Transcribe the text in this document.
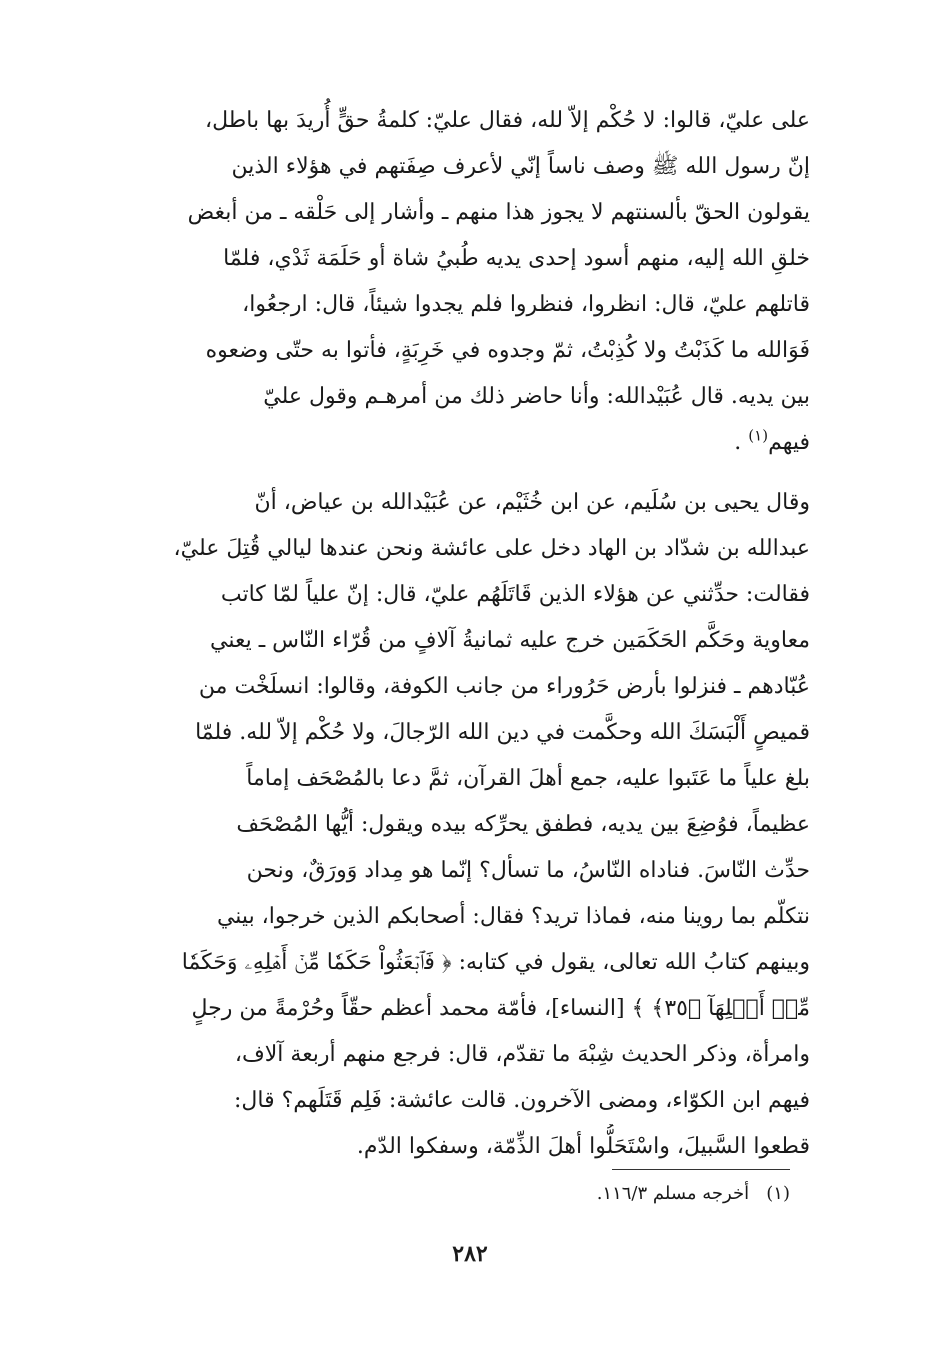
على عليّ، قالوا: لا حُكْم إلاّ لله، فقال عليّ: كلمةُ حقٍّ أُريدَ بها باطل،
إنّ رسول الله ﷺ وصف ناساً إنّي لأعرف صِفَتهم في هؤلاء الذين
يقولون الحقّ بألسنتهم لا يجوز هذا منهم ـ وأشار إلى حَلْقه ـ من أبغض
خلقِ الله إليه، منهم أسود إحدى يديه طُبيُ شاة أو حَلَمَة ثَدْي، فلمّا
قاتلهم عليّ، قال: انظروا، فنظروا فلم يجدوا شيئاً، قال: ارجعُوا،
فَوَالله ما كَذَبْتُ ولا كُذِبْتُ، ثمّ وجدوه في خَرِبَةٍ، فأتوا به حتّى وضعوه
بين يديه. قال عُبَيْدالله: وأنا حاضر ذلك من أمرهـم وقول عليّ
فيهم$^{(١)}$ .
وقال يحيى بن سُلَيم، عن ابن خُثَيْم، عن عُبَيْدالله بن عياض، أنّ
عبدالله بن شدّاد بن الهاد دخل على عائشة ونحن عندها ليالي قُتِلَ عليّ،
فقالت: حدِّثني عن هؤلاء الذين قَاتَلَهُم عليّ، قال: إنّ علياً لمّا كاتب
معاوية وحَكَّم الحَكَمَين خرج عليه ثمانيةُ آلافٍ من قُرّاء النّاس ـ يعني
عُبّادهم ـ فنزلوا بأرض حَرُوراء من جانب الكوفة، وقالوا: انسلَخْت من
قميصٍ أَلْبَسَكَ الله وحكَّمت في دين الله الرّجالَ، ولا حُكْم إلاّ لله. فلمّا
بلغ علياً ما عَتَبوا عليه، جمع أهلَ القرآن، ثمَّ دعا بالمُصْحَف إماماً
عظيماً، فوُضِعَ بين يديه، فطفق يحرِّكه بيده ويقول: أيُّها المُصْحَف
حدِّث النّاسَ. فناداه النّاسُ، ما تسأل؟ إنّما هو مِداد وَورَقٌ، ونحن
نتكلّم بما روينا منه، فماذا تريد؟ فقال: أصحابكم الذين خرجوا، بيني
وبينهم كتابُ الله تعالى، يقول في كتابه: ﴿ فَٱبۡعَثُواْ حَكَمٗا مِّنۡ أَهۡلِهِۦ وَحَكَمٗا
مِّنۡ أَهۡلِهَآ ﴿٣٥﴾ ﴾ [النساء]، فأمّة محمد أعظم حقّاً وحُرْمةً من رجلٍ
وامرأة، وذكر الحديث شِبْهَ ما تقدّم، قال: فرجع منهم أربعة آلاف،
فيهم ابن الكوّاء، ومضى الآخرون. قالت عائشة: فَلِم قَتَلَهم؟ قال:
قطعوا السَّبيلَ، واسْتَحَلُّوا أهلَ الذِّمّة، وسفكوا الدّم.
(١)   أخرجه مسلم ١١٦/٣.
٢٨٢
